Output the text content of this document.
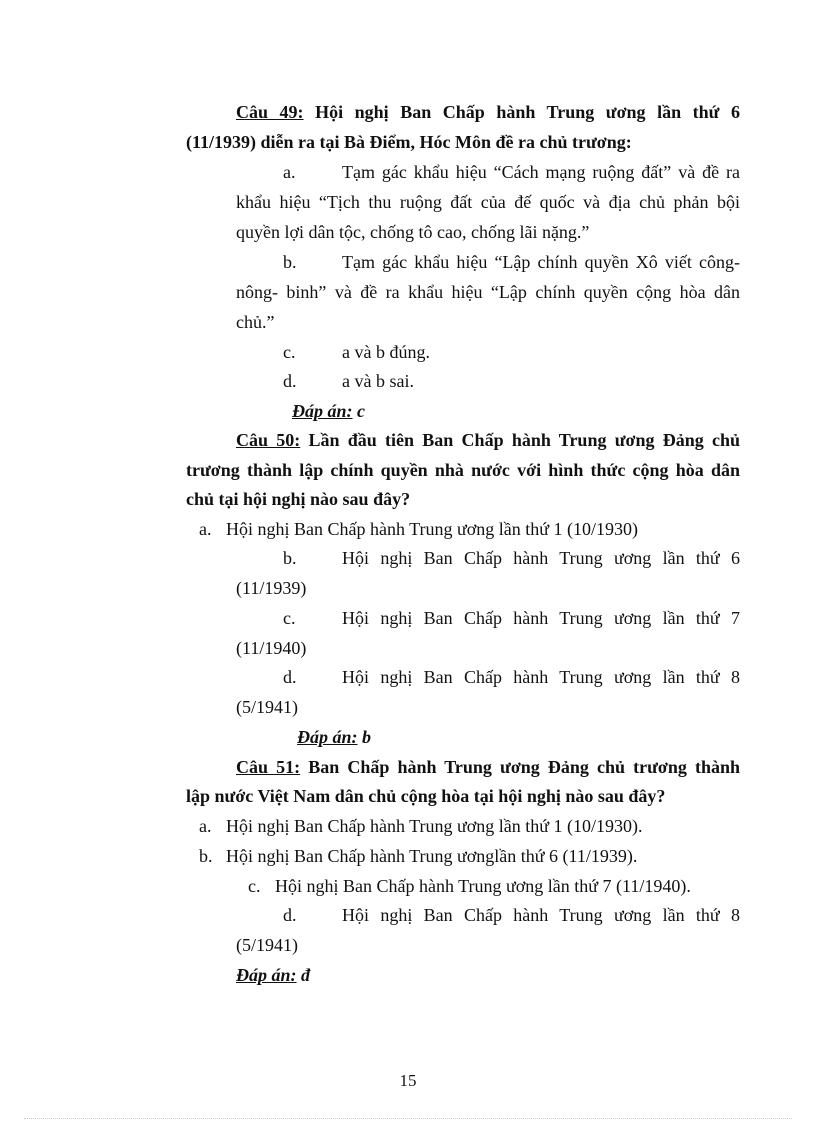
Câu 49: Hội nghị Ban Chấp hành Trung ương lần thứ 6
(11/1939) diễn ra tại Bà Điểm, Hóc Môn đề ra chủ trương:
a.	Tạm gác khẩu hiệu “Cách mạng ruộng đất” và đề ra
khẩu hiệu “Tịch thu ruộng đất của đế quốc và địa chủ phản bội
quyền lợi dân tộc, chống tô cao, chống lãi nặng.”
b.	Tạm gác khẩu hiệu “Lập chính quyền Xô viết công-
nông- binh” và đề ra khẩu hiệu “Lập chính quyền cộng hòa dân
chủ.”
c.	a và b đúng.
d.	a và b sai.
Đáp án: c
Câu 50: Lần đầu tiên Ban Chấp hành Trung ương Đảng chủ
trương thành lập chính quyền nhà nước với hình thức cộng hòa dân
chủ tại hội nghị nào sau đây?
a. Hội nghị Ban Chấp hành Trung ương lần thứ 1 (10/1930)
b.	Hội nghị Ban Chấp hành Trung ương lần thứ 6
(11/1939)
c.	Hội nghị Ban Chấp hành Trung ương lần thứ 7
(11/1940)
d.	Hội nghị Ban Chấp hành Trung ương lần thứ 8
(5/1941)
Đáp án: b
Câu 51: Ban Chấp hành Trung ương Đảng chủ trương thành
lập nước Việt Nam dân chủ cộng hòa tại hội nghị nào sau đây?
a. Hội nghị Ban Chấp hành Trung ương lần thứ 1 (10/1930).
b. Hội nghị Ban Chấp hành Trung ươnglần thứ 6 (11/1939).
c. Hội nghị Ban Chấp hành Trung ương lần thứ 7 (11/1940).
d.	Hội nghị Ban Chấp hành Trung ương lần thứ 8
(5/1941)
Đáp án: đ
15
